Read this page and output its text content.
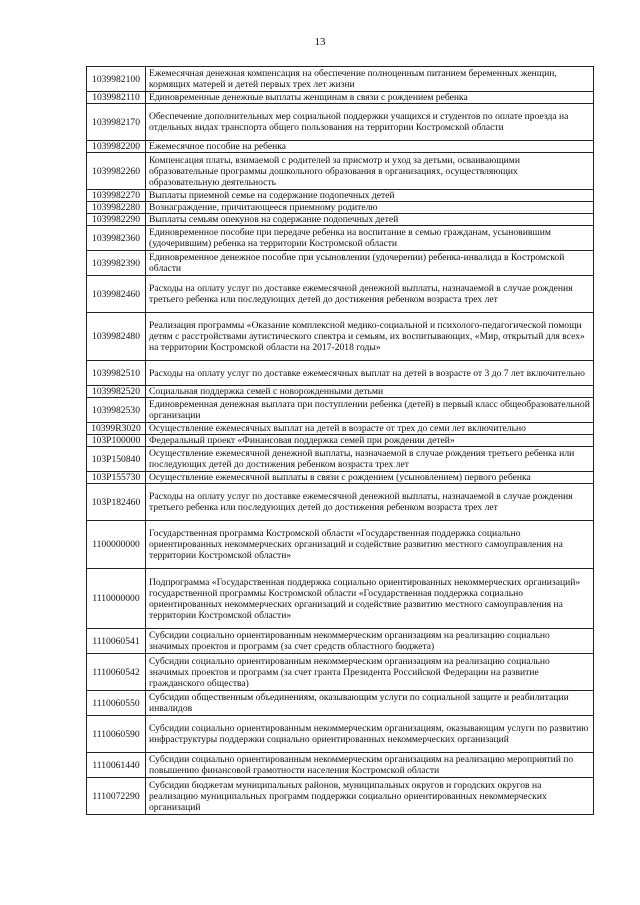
13
1039982100	Ежемесячная денежная компенсация на обеспечение полноценным питанием беременных женщин, кормящих матерей и детей первых трех лет жизни
1039982110	Единовременные денежные выплаты женщинам в связи с рождением ребенка
1039982170	Обеспечение дополнительных мер социальной поддержки учащихся и студентов по оплате проезда на отдельных видах транспорта общего пользования на территории Костромской области
1039982200	Ежемесячное пособие на ребенка
1039982260	Компенсация платы, взимаемой с родителей за присмотр и уход за детьми, осваивающими образовательные программы дошкольного образования в организациях, осуществляющих образовательную деятельность
1039982270	Выплаты приемной семье на содержание подопечных детей
1039982280	Вознаграждение, причитающееся приемному родителю
1039982290	Выплаты семьям опекунов на содержание подопечных детей
1039982360	Единовременное пособие при передаче ребенка на воспитание в семью гражданам, усыновившим (удочерившим) ребенка на территории Костромской области
1039982390	Единовременное денежное пособие при усыновлении (удочерении) ребенка-инвалида в Костромской области
1039982460	Расходы на оплату услуг по доставке ежемесячной денежной выплаты, назначаемой в случае рождения третьего ребенка или последующих детей до достижения ребенком возраста трех лет
1039982480	Реализация программы «Оказание комплексной медико-социальной и психолого-педагогической помощи детям с расстройствами аутистического спектра и семьям, их воспитывающих, «Мир, открытый для всех» на территории Костромской области на 2017-2018 годы»
1039982510	Расходы на оплату услуг по доставке ежемесячных выплат на детей в возрасте от 3 до 7 лет включительно
1039982520	Социальная поддержка семей с новорожденными детьми
1039982530	Единовременная денежная выплата при поступлении ребенка (детей) в первый класс общеобразовательной организации
10399R3020	Осуществление ежемесячных выплат на детей в возрасте от трех до семи лет включительно
103P100000	Федеральный проект «Финансовая поддержка семей при рождении детей»
103P150840	Осуществление ежемесячной денежной выплаты, назначаемой в случае рождения третьего ребенка или последующих детей до достижения ребенком возраста трех лет
103P155730	Осуществление ежемесячной выплаты в связи с рождением (усыновлением) первого ребенка
103P182460	Расходы на оплату услуг по доставке ежемесячной денежной выплаты, назначаемой в случае рождения третьего ребенка или последующих детей до достижения ребенком возраста трех лет
1100000000	Государственная программа Костромской области «Государственная поддержка социально ориентированных некоммерческих организаций и содействие развитию местного самоуправления на территории Костромской области»
1110000000	Подпрограмма «Государственная поддержка социально ориентированных некоммерческих организаций» государственной программы Костромской области «Государственная поддержка социально ориентированных некоммерческих организаций и содействие развитию местного самоуправления на территории Костромской области»
1110060541	Субсидии социально ориентированным некоммерческим организациям на реализацию социально значимых проектов и программ (за счет средств областного бюджета)
1110060542	Субсидии социально ориентированным некоммерческим организациям на реализацию социально значимых проектов и программ (за счет гранта Президента Российской Федерации на развитие гражданского общества)
1110060550	Субсидии общественным объединениям, оказывающим услуги по социальной защите и реабилитации инвалидов
1110060590	Субсидии социально ориентированным некоммерческим организациям, оказывающим услуги по развитию инфраструктуры поддержки социально ориентированных некоммерческих организаций
1110061440	Субсидии социально ориентированным некоммерческим организациям на реализацию мероприятий по повышению финансовой грамотности населения Костромской области
1110072290	Субсидии бюджетам муниципальных районов, муниципальных округов и городских округов на реализацию муниципальных программ поддержки социально ориентированных некоммерческих организаций
